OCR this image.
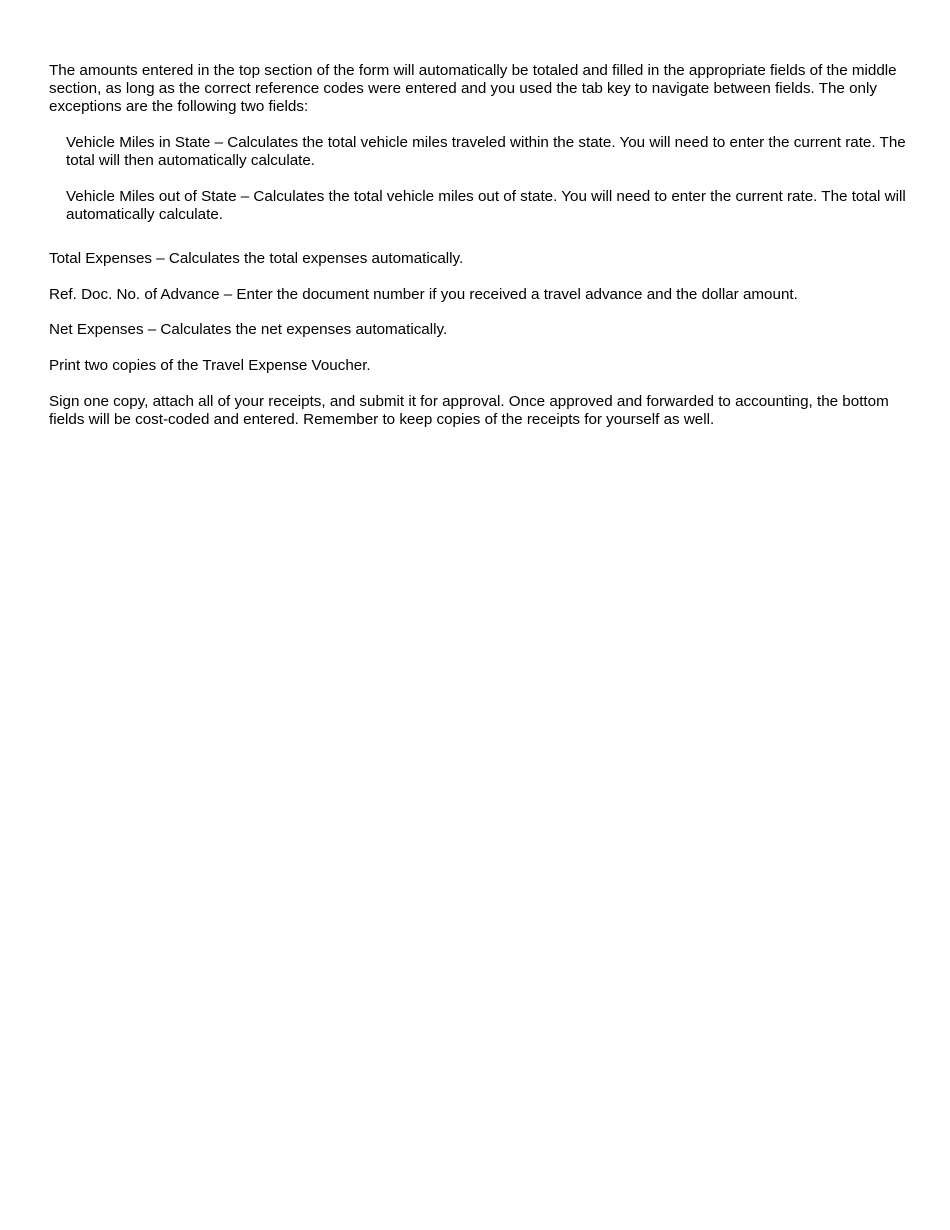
The amounts entered in the top section of the form will automatically be totaled and filled in the appropriate fields of the middle section, as long as the correct reference codes were entered and you used the tab key to navigate between fields. The only exceptions are the following two fields:

Vehicle Miles in State – Calculates the total vehicle miles traveled within the state. You will need to enter the current rate. The total will then automatically calculate.

Vehicle Miles out of State – Calculates the total vehicle miles out of state. You will need to enter the current rate. The total will automatically calculate.

Total Expenses – Calculates the total expenses automatically.

Ref. Doc. No. of Advance – Enter the document number if you received a travel advance and the dollar amount.

Net Expenses – Calculates the net expenses automatically.

Print two copies of the Travel Expense Voucher.

Sign one copy, attach all of your receipts, and submit it for approval. Once approved and forwarded to accounting, the bottom fields will be cost-coded and entered. Remember to keep copies of the receipts for yourself as well.
